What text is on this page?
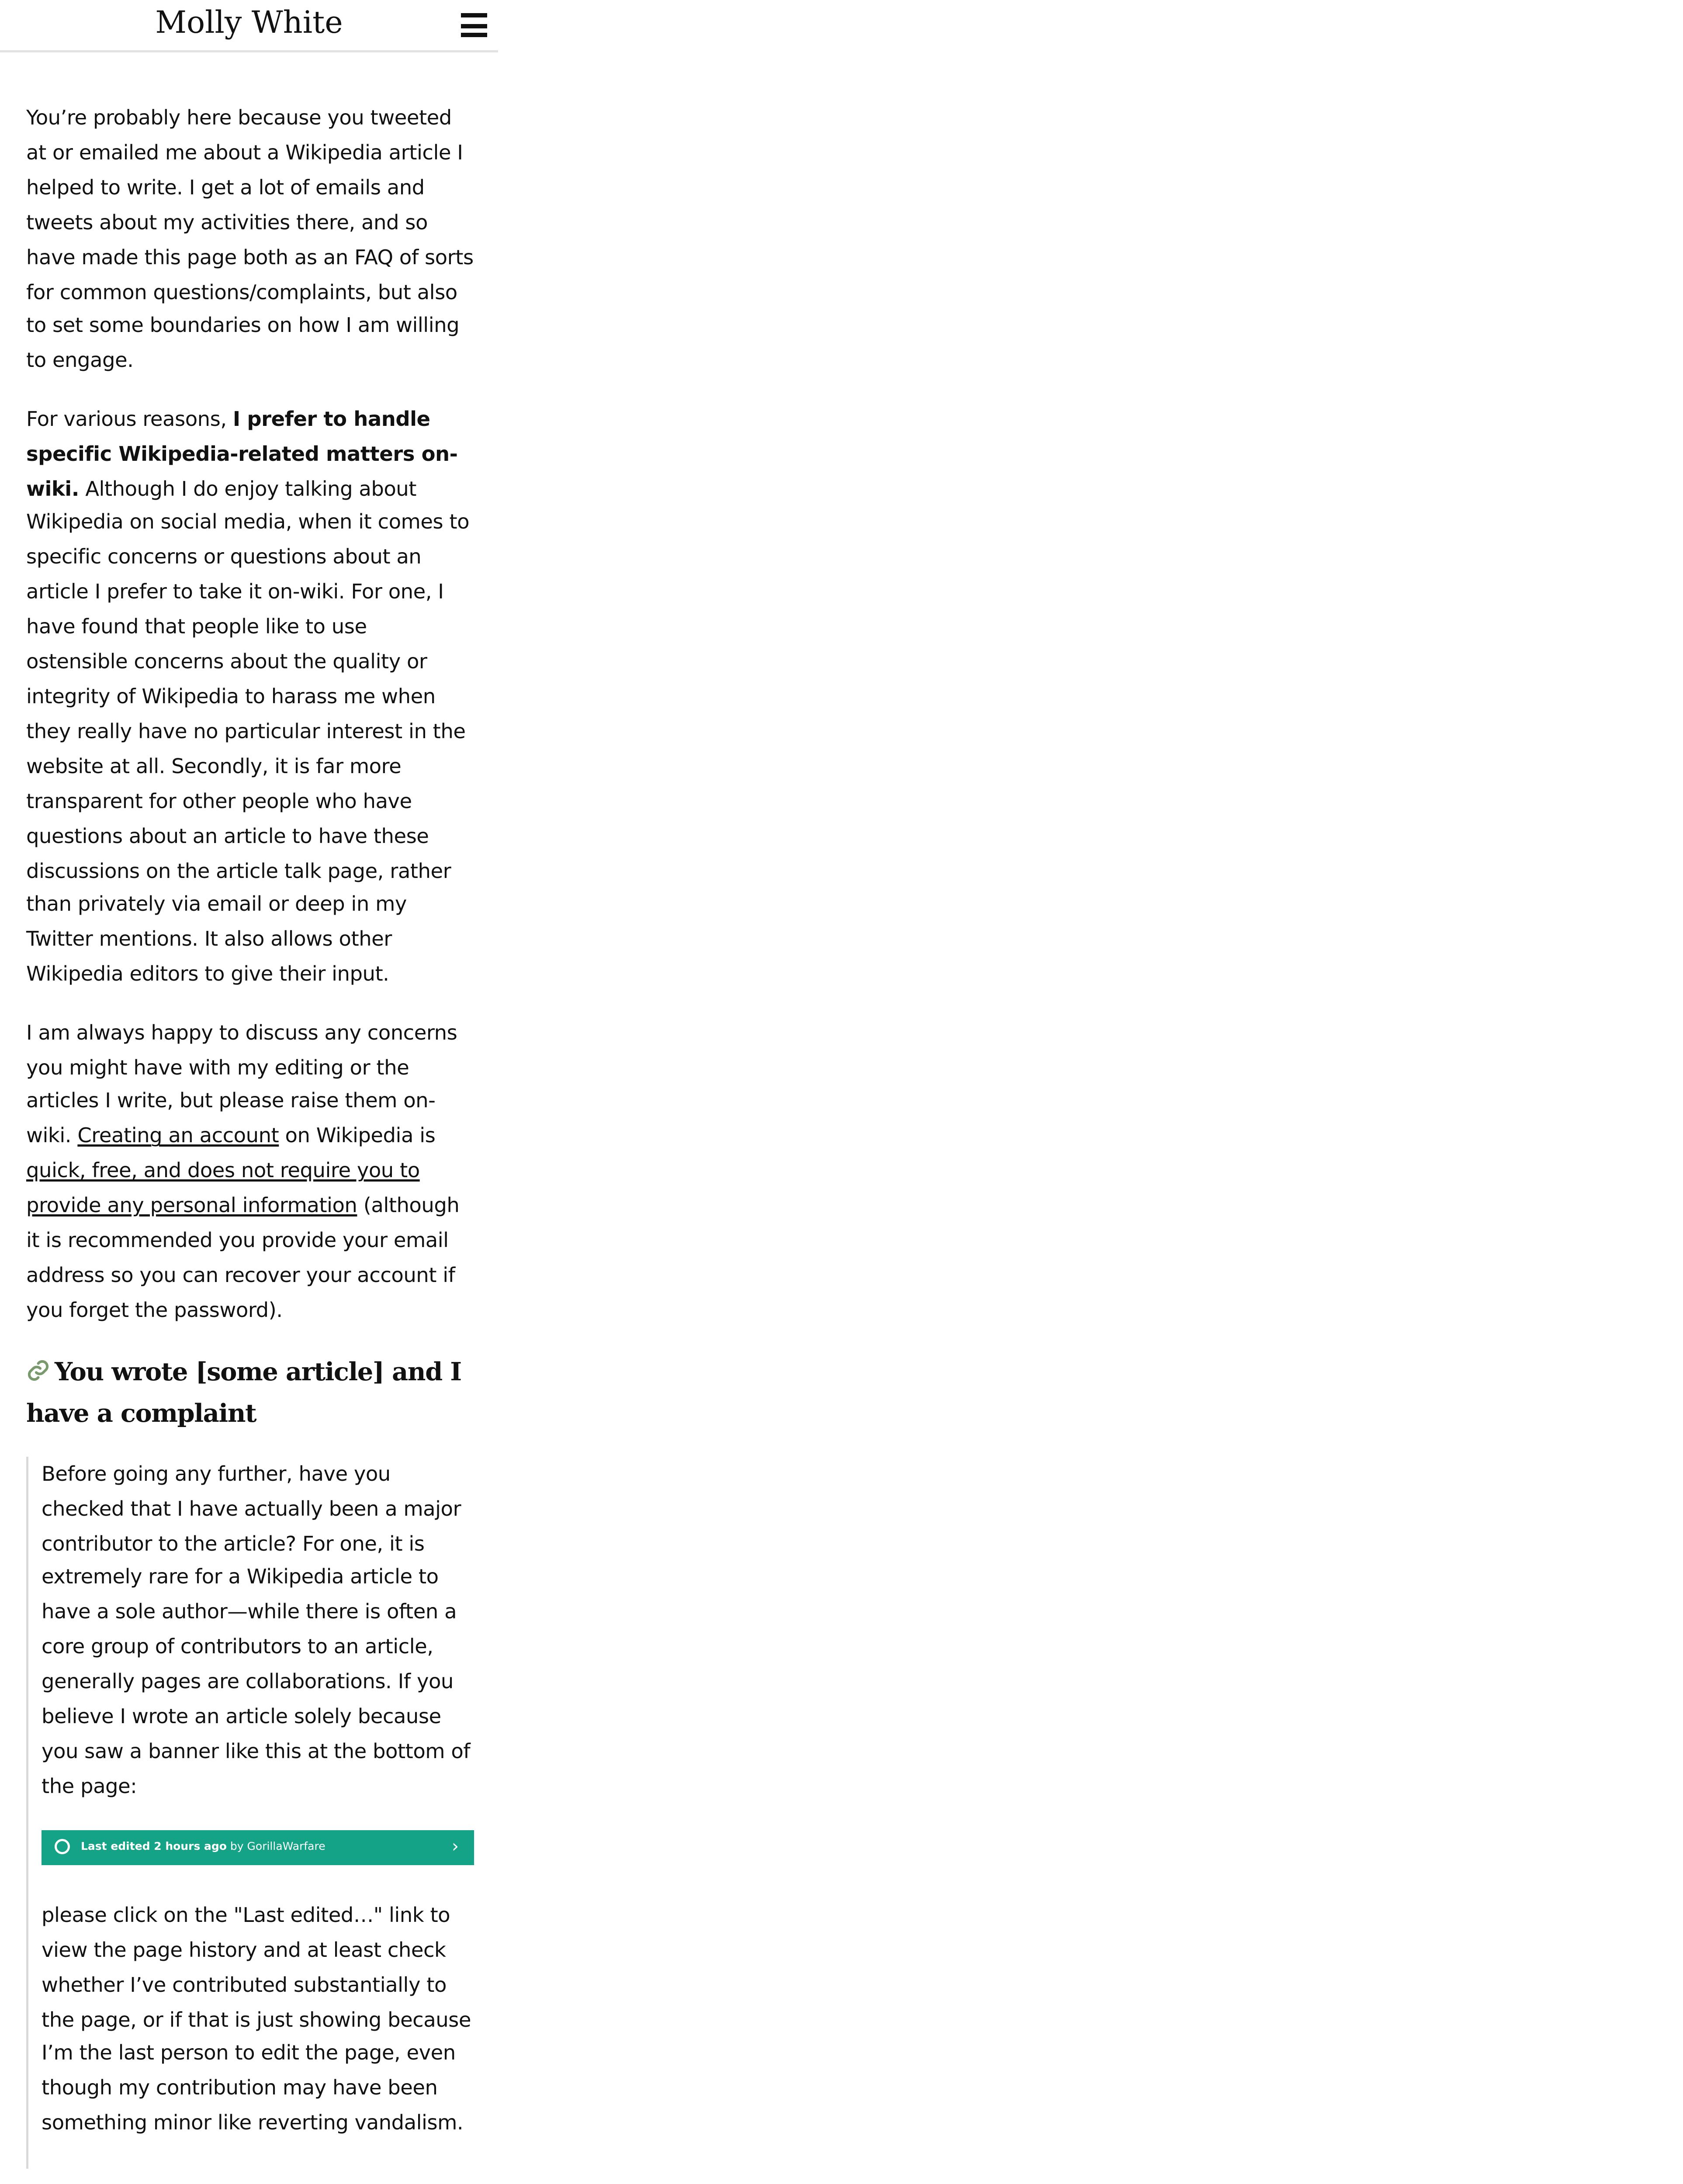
Molly White

You’re probably here because you tweeted at or emailed me about a Wikipedia article I helped to write. I get a lot of emails and tweets about my activities there, and so have made this page both as an FAQ of sorts for common questions/complaints, but also to set some boundaries on how I am willing to engage.

For various reasons, I prefer to handle specific Wikipedia-related matters on-wiki. Although I do enjoy talking about Wikipedia on social media, when it comes to specific concerns or questions about an article I prefer to take it on-wiki. For one, I have found that people like to use ostensible concerns about the quality or integrity of Wikipedia to harass me when they really have no particular interest in the website at all. Secondly, it is far more transparent for other people who have questions about an article to have these discussions on the article talk page, rather than privately via email or deep in my Twitter mentions. It also allows other Wikipedia editors to give their input.

I am always happy to discuss any concerns you might have with my editing or the articles I write, but please raise them on-wiki. Creating an account on Wikipedia is quick, free, and does not require you to provide any personal information (although it is recommended you provide your email address so you can recover your account if you forget the password).

You wrote [some article] and I have a complaint

Before going any further, have you checked that I have actually been a major contributor to the article? For one, it is extremely rare for a Wikipedia article to have a sole author—while there is often a core group of contributors to an article, generally pages are collaborations. If you believe I wrote an article solely because you saw a banner like this at the bottom of the page:

Last edited 2 hours ago by GorillaWarfare	›

please click on the "Last edited…" link to view the page history and at least check whether I’ve contributed substantially to the page, or if that is just showing because I’m the last person to edit the page, even though my contribution may have been something minor like reverting vandalism.
